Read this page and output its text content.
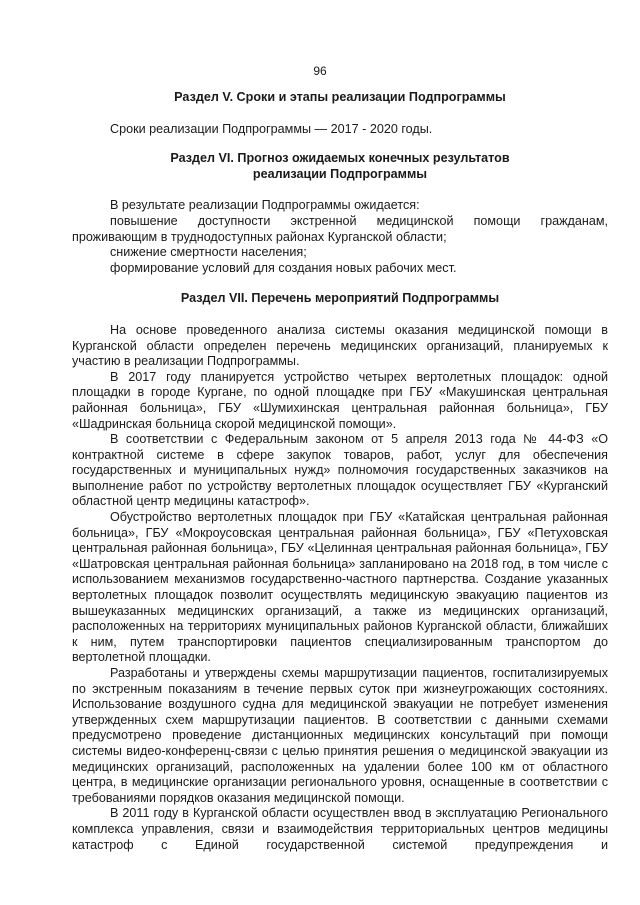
96

Раздел V. Сроки и этапы реализации Подпрограммы

Сроки реализации Подпрограммы — 2017 - 2020 годы.

Раздел VI. Прогноз ожидаемых конечных результатов

реализации Подпрограммы

В результате реализации Подпрограммы ожидается:

повышение доступности экстренной медицинской помощи гражданам,

проживающим в труднодоступных районах Курганской области;

снижение смертности населения;

формирование условий для создания новых рабочих мест.

Раздел VII. Перечень мероприятий Подпрограммы

На основе проведенного анализа системы оказания медицинской помощи в Курганской области определен перечень медицинских организаций, планируемых к участию в реализации Подпрограммы.

В 2017 году планируется устройство четырех вертолетных площадок: одной площадки в городе Кургане, по одной площадке при ГБУ «Макушинская центральная районная больница», ГБУ «Шумихинская центральная районная больница», ГБУ «Шадринская больница скорой медицинской помощи».

В соответствии с Федеральным законом от 5 апреля 2013 года № 44-ФЗ «О контрактной системе в сфере закупок товаров, работ, услуг для обеспечения государственных и муниципальных нужд» полномочия государственных заказчиков на выполнение работ по устройству вертолетных площадок осуществляет ГБУ «Курганский областной центр медицины катастроф».

Обустройство вертолетных площадок при ГБУ «Катайская центральная районная больница», ГБУ «Мокроусовская центральная районная больница», ГБУ «Петуховская центральная районная больница», ГБУ «Целинная центральная районная больница», ГБУ «Шатровская центральная районная больница» запланировано на 2018 год, в том числе с использованием механизмов государственно-частного партнерства. Создание указанных вертолетных площадок позволит осуществлять медицинскую эвакуацию пациентов из вышеуказанных медицинских организаций, а также из медицинских организаций, расположенных на территориях муниципальных районов Курганской области, ближайших к ним, путем транспортировки пациентов специализированным транспортом до вертолетной площадки.

Разработаны и утверждены схемы маршрутизации пациентов, госпитализируемых по экстренным показаниям в течение первых суток при жизнеугрожающих состояниях. Использование воздушного судна для медицинской эвакуации не потребует изменения утвержденных схем маршрутизации пациентов. В соответствии с данными схемами предусмотрено проведение дистанционных медицинских консультаций при помощи системы видео-конференц-связи с целью принятия решения о медицинской эвакуации из медицинских организаций, расположенных на удалении более 100 км от областного центра, в медицинские организации регионального уровня, оснащенные в соответствии с требованиями порядков оказания медицинской помощи.

В 2011 году в Курганской области осуществлен ввод в эксплуатацию Регионального комплекса управления, связи и взаимодействия территориальных центров медицины катастроф с Единой государственной системой предупреждения и
